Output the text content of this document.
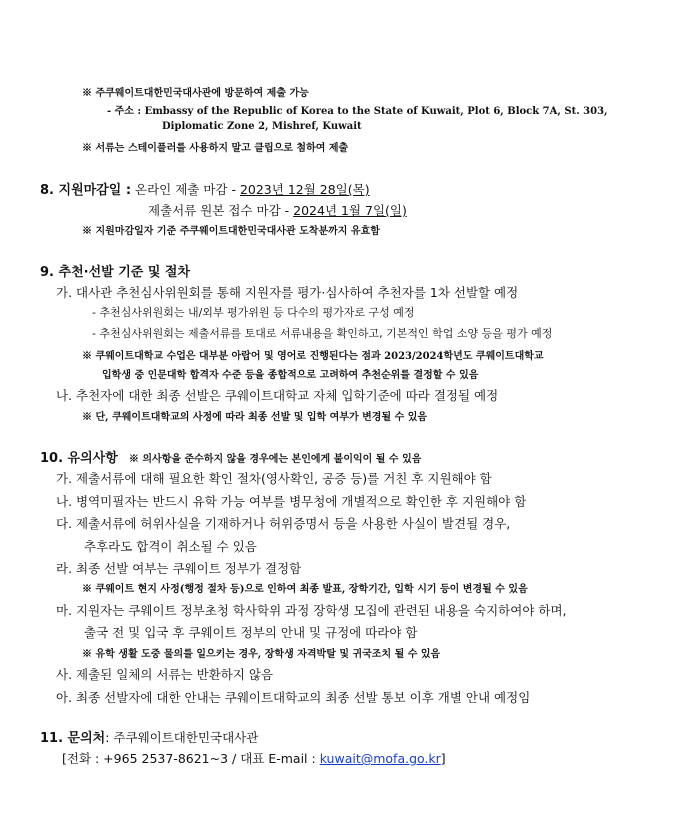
※ 주쿠웨이트대한민국대사관에 방문하여 제출 가능
- 주소 : Embassy of the Republic of Korea to the State of Kuwait, Plot 6, Block 7A, St. 303,
Diplomatic Zone 2, Mishref, Kuwait
※ 서류는 스테이플러를 사용하지 말고 클립으로 첨하여 제출
8. 지원마감일 : 온라인 제출 마감 - 2023년 12월 28일(목)
제출서류 원본 접수 마감 - 2024년 1월 7일(일)
※ 지원마감일자 기준 주쿠웨이트대한민국대사관 도착분까지 유효함
9. 추천·선발 기준 및 절차
가. 대사관 추천심사위원회를 통해 지원자를 평가·심사하여 추천자를 1차 선발할 예정
- 추천심사위원회는 내/외부 평가위원 등 다수의 평가자로 구성 예정
- 추천심사위원회는 제출서류를 토대로 서류내용을 확인하고, 기본적인 학업 소양 등을 평가 예정
※ 쿠웨이트대학교 수업은 대부분 아랍어 및 영어로 진행된다는 점과 2023/2024학년도 쿠웨이트대학교
입학생 중 인문대학 합격자 수준 등을 종합적으로 고려하여 추천순위를 결정할 수 있음
나. 추천자에 대한 최종 선발은 쿠웨이트대학교 자체 입학기준에 따라 결정될 예정
※ 단, 쿠웨이트대학교의 사정에 따라 최종 선발 및 입학 여부가 변경될 수 있음
10. 유의사항 ※ 의사항을 준수하지 않을 경우에는 본인에게 불이익이 될 수 있음
가. 제출서류에 대해 필요한 확인 절차(영사확인, 공증 등)를 거친 후 지원해야 함
나. 병역미필자는 반드시 유학 가능 여부를 병무청에 개별적으로 확인한 후 지원해야 함
다. 제출서류에 허위사실을 기재하거나 허위증명서 등을 사용한 사실이 발견될 경우,
추후라도 합격이 취소될 수 있음
라. 최종 선발 여부는 쿠웨이트 정부가 결정함
※ 쿠웨이트 현지 사정(행정 절차 등)으로 인하여 최종 발표, 장학기간, 입학 시기 등이 변경될 수 있음
마. 지원자는 쿠웨이트 정부초청 학사학위 과정 장학생 모집에 관련된 내용을 숙지하여야 하며,
출국 전 및 입국 후 쿠웨이트 정부의 안내 및 규정에 따라야 함
※ 유학 생활 도중 물의를 일으키는 경우, 장학생 자격박탈 및 귀국조치 될 수 있음
사. 제출된 일체의 서류는 반환하지 않음
아. 최종 선발자에 대한 안내는 쿠웨이트대학교의 최종 선발 통보 이후 개별 안내 예정임
11. 문의처: 주쿠웨이트대한민국대사관
[전화 : +965 2537-8621~3 / 대표 E-mail : kuwait@mofa.go.kr]
